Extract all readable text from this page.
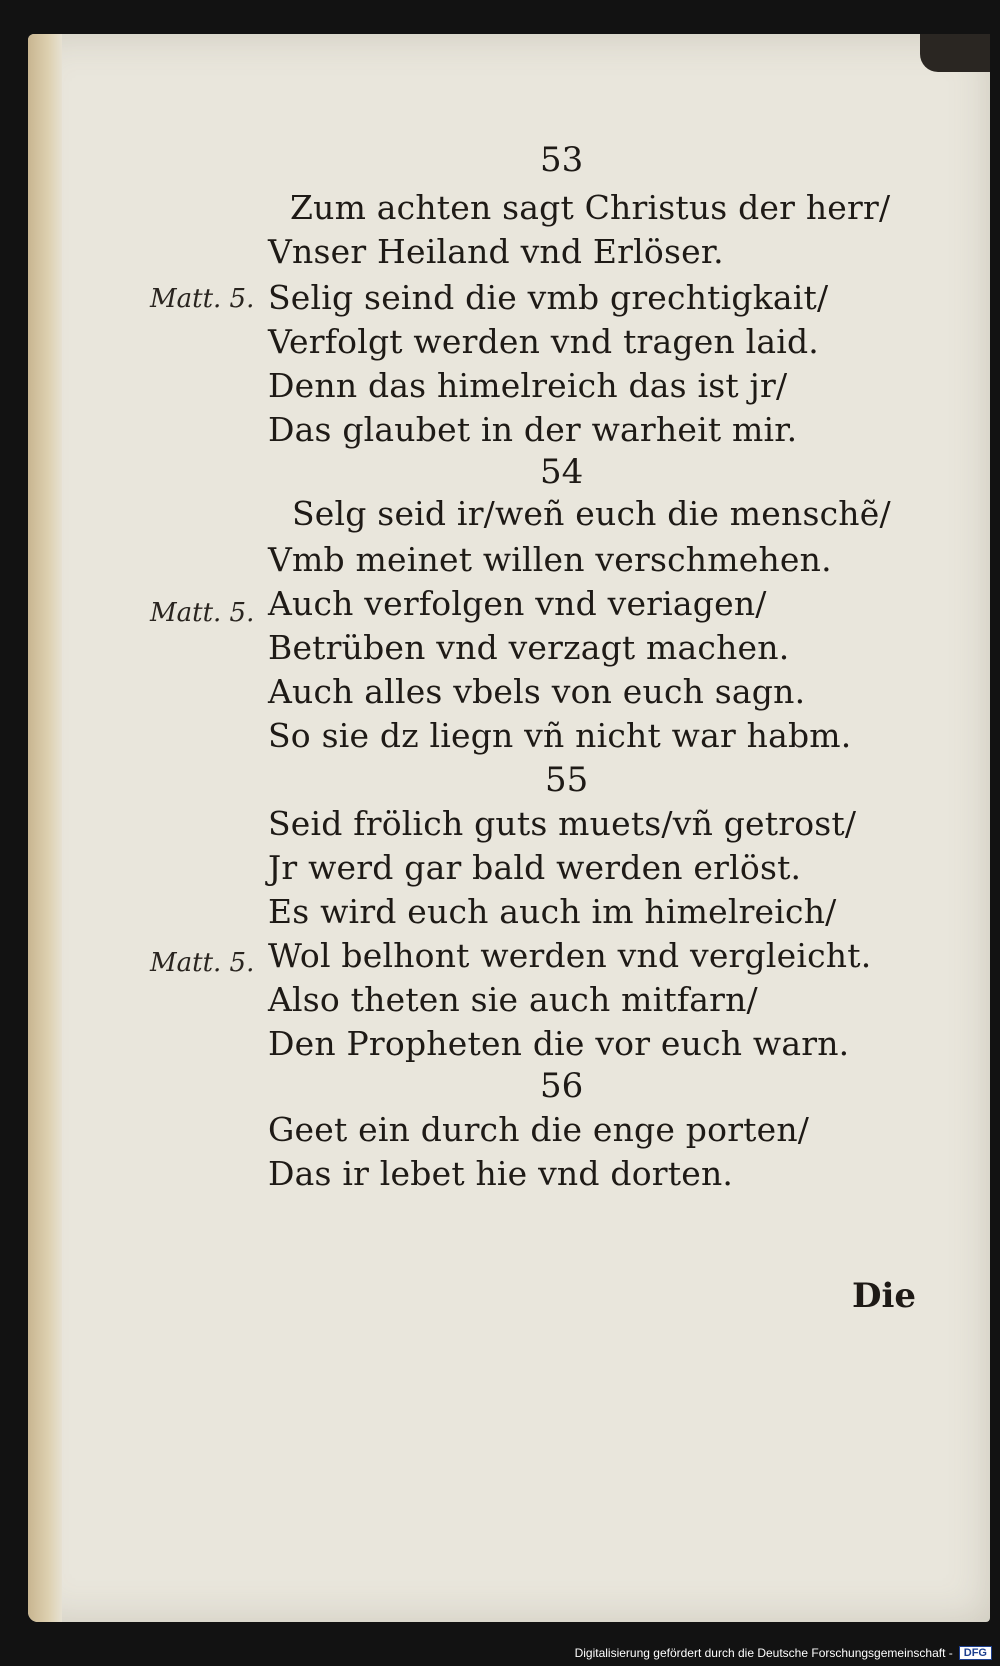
53
Zum achten sagt Christus der herr/
Vnser Heiland vnd Erlöser.
Matt. 5. Selig seind die vmb grechtigkait/
Verfolgt werden vnd tragen laid.
Denn das himelreich das ist jr/
Das glaubet in der warheit mir.
54
Selg seid ir/weñ euch die menschẽ/
Vmb meinet willen verschmehen.
Matt. 5. Auch verfolgen vnd veriagen/
Betrüben vnd verzagt machen.
Auch alles vbels von euch sagn.
So sie dz liegn vñ nicht war habm.
55
Seid frölich guts muets/vñ getrost/
Jr werd gar bald werden erlöst.
Es wird euch auch im himelreich/
Matt. 5. Wol belhont werden vnd vergleicht.
Also theten sie auch mitfarn/
Den Propheten die vor euch warn.
56
Geet ein durch die enge porten/
Das ir lebet hie vnd dorten.
Die
Digitalisierung gefördert durch die Deutsche Forschungsgemeinschaft -	DFG
